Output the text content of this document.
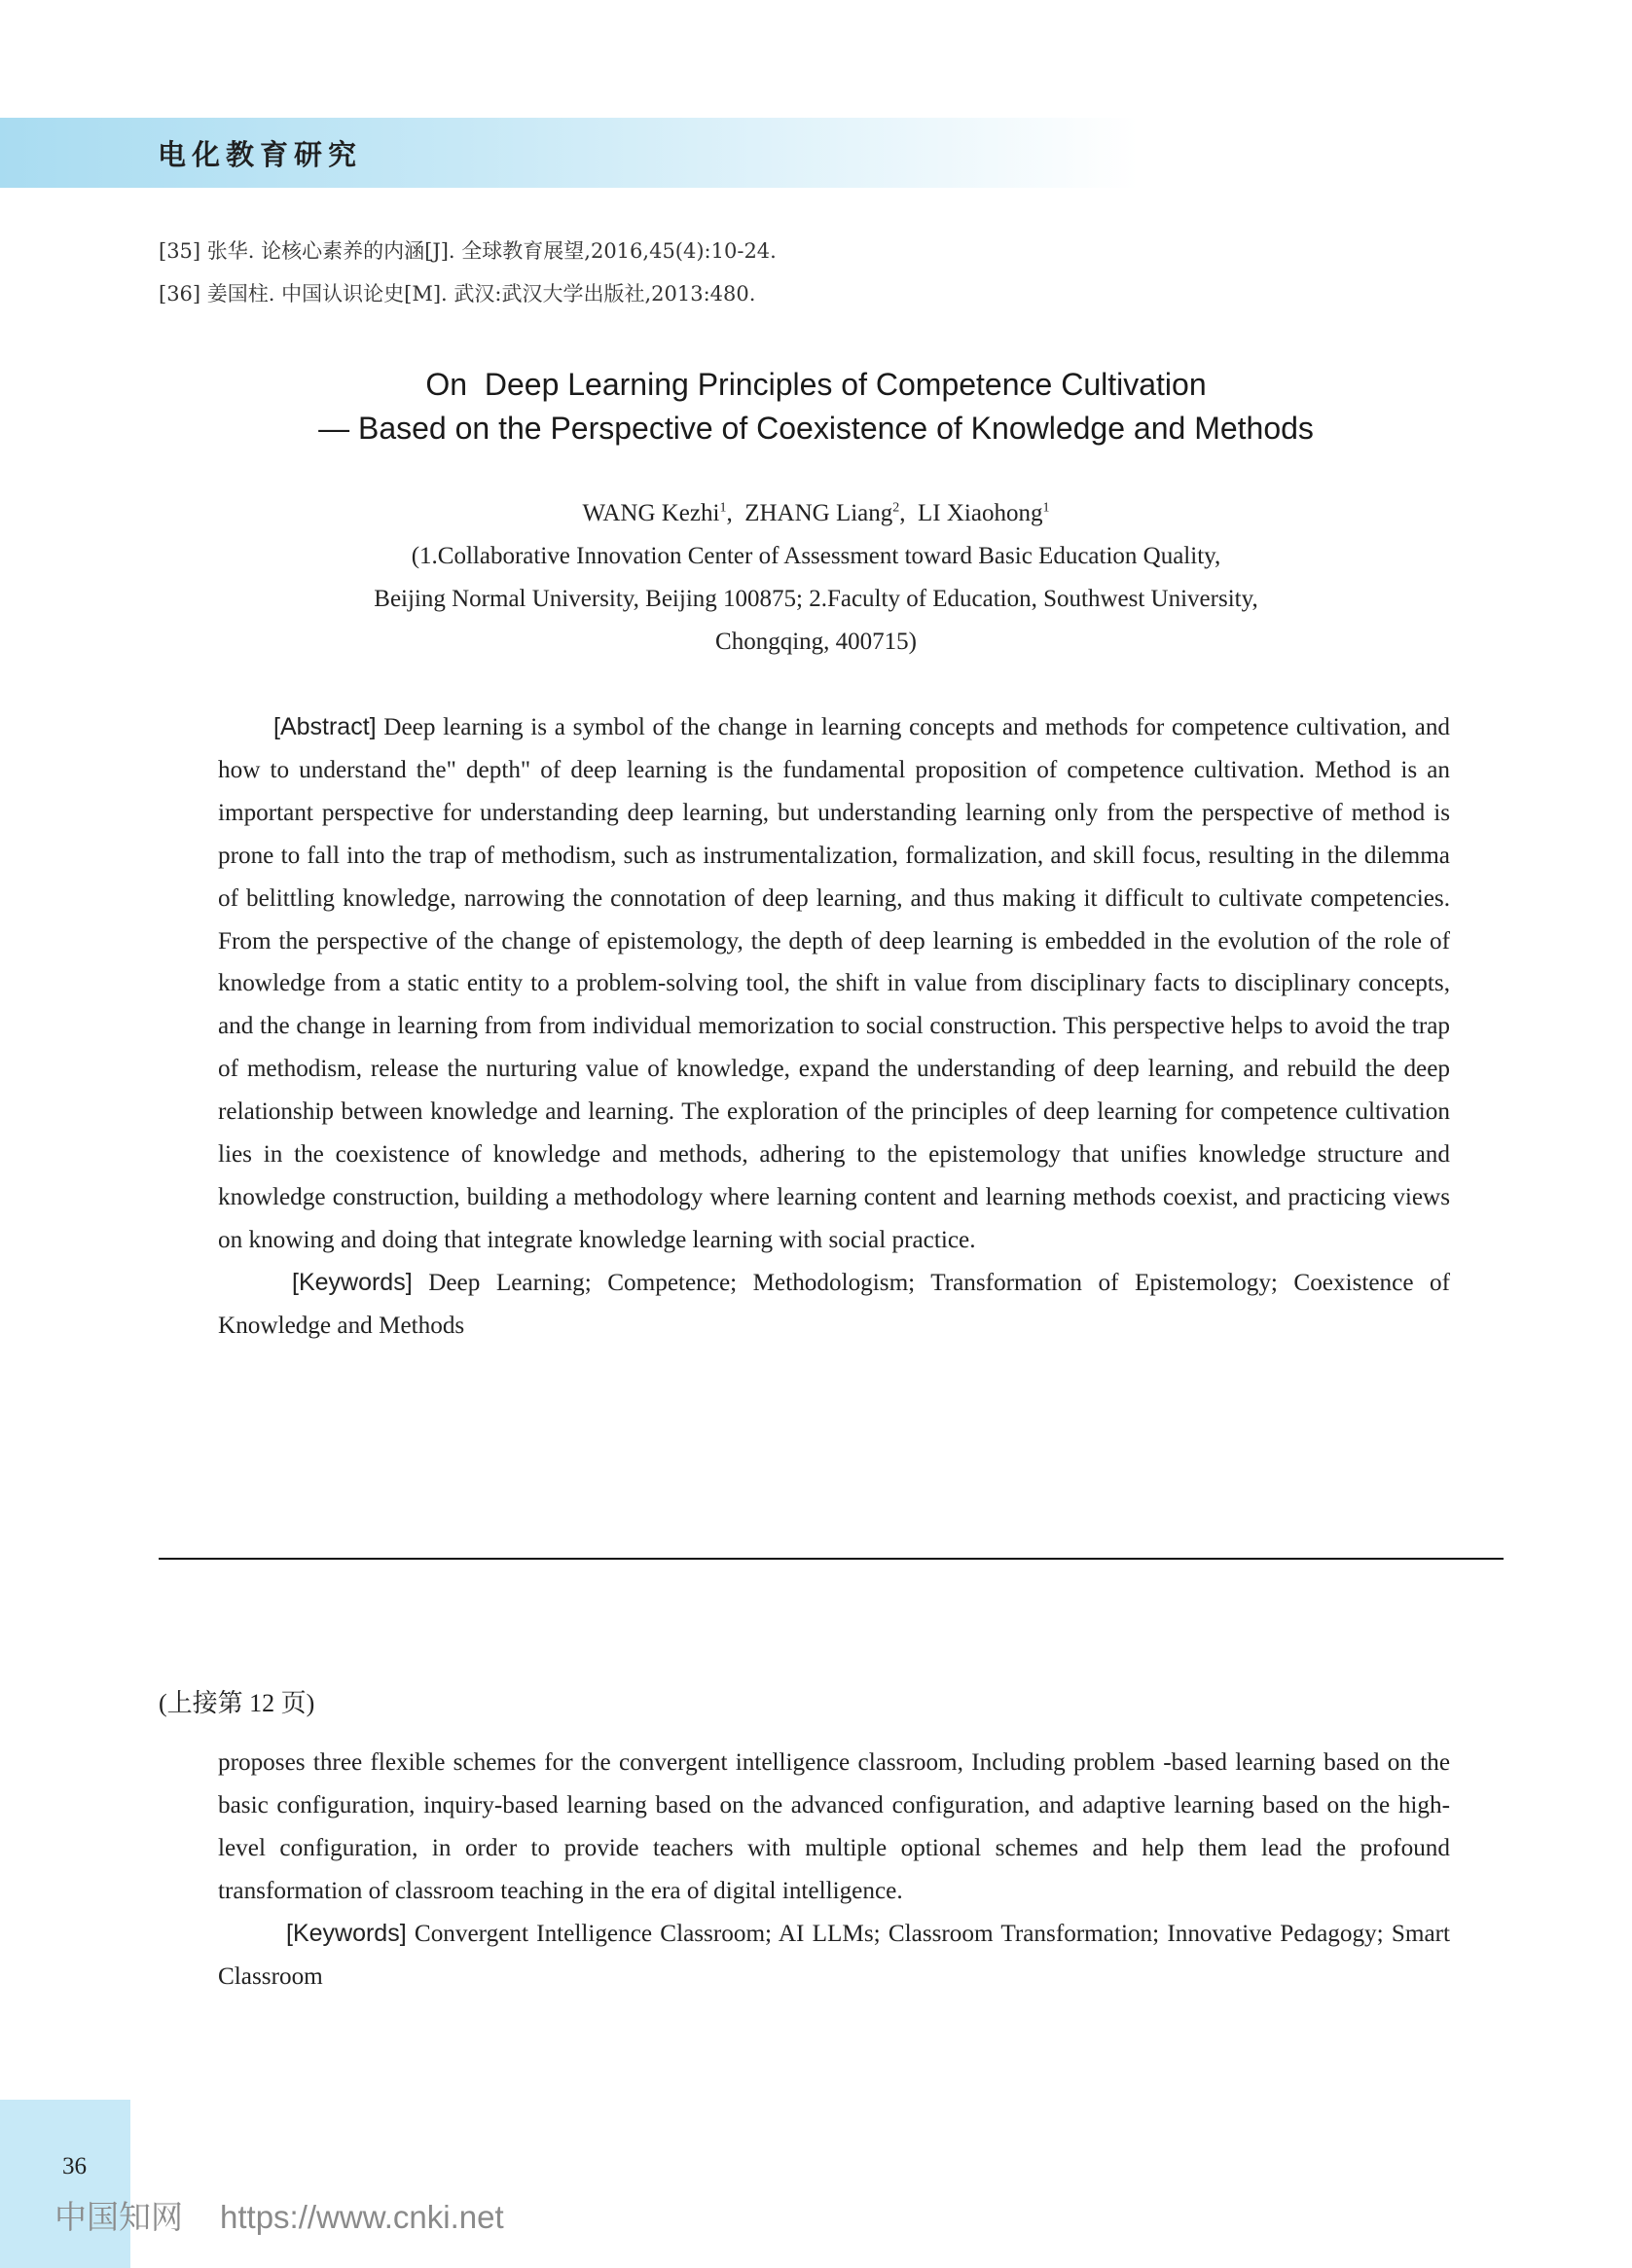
电化教育研究
[35] 张华. 论核心素养的内涵[J]. 全球教育展望,2016,45(4):10-24.
[36] 姜国柱. 中国认识论史[M]. 武汉:武汉大学出版社,2013:480.
On  Deep Learning Principles of Competence Cultivation
— Based on the Perspective of Coexistence of Knowledge and Methods
WANG Kezhi$^1$,  ZHANG Liang$^2$,  LI Xiaohong$^1$
(1.Collaborative Innovation Center of Assessment toward Basic Education Quality,
Beijing Normal University, Beijing 100875; 2.Faculty of Education, Southwest University,
Chongqing, 400715)

[Abstract] Deep learning is a symbol of the change in learning concepts and methods for competence cultivation, and how to understand the" depth" of deep learning is the fundamental proposition of competence cultivation. Method is an important perspective for understanding deep learning, but understanding learning only from the perspective of method is prone to fall into the trap of methodism, such as instrumentalization, formalization, and skill focus, resulting in the dilemma of belittling knowledge, narrowing the connotation of deep learning, and thus making it difficult to cultivate competencies. From the perspective of the change of epistemology, the depth of deep learning is embedded in the evolution of the role of knowledge from a static entity to a problem-solving tool, the shift in value from disciplinary facts to disciplinary concepts, and the change in learning from from individual memorization to social construction. This perspective helps to avoid the trap of methodism, release the nurturing value of knowledge, expand the understanding of deep learning, and rebuild the deep relationship between knowledge and learning. The exploration of the principles of deep learning for competence cultivation lies in the coexistence of knowledge and methods, adhering to the epistemology that unifies knowledge structure and knowledge construction, building a methodology where learning content and learning methods coexist, and practicing views on knowing and doing that integrate knowledge learning with social practice.

[Keywords] Deep Learning; Competence; Methodologism; Transformation of Epistemology; Coexistence of Knowledge and Methods

(上接第 12 页)

proposes three flexible schemes for the convergent intelligence classroom, Including problem -based learning based on the basic configuration, inquiry-based learning based on the advanced configuration, and adaptive learning based on the high-level configuration, in order to provide teachers with multiple optional schemes and help them lead the profound transformation of classroom teaching in the era of digital intelligence.

[Keywords] Convergent Intelligence Classroom; AI LLMs; Classroom Transformation; Innovative Pedagogy; Smart Classroom

36
中国知网 https://www.cnki.net
